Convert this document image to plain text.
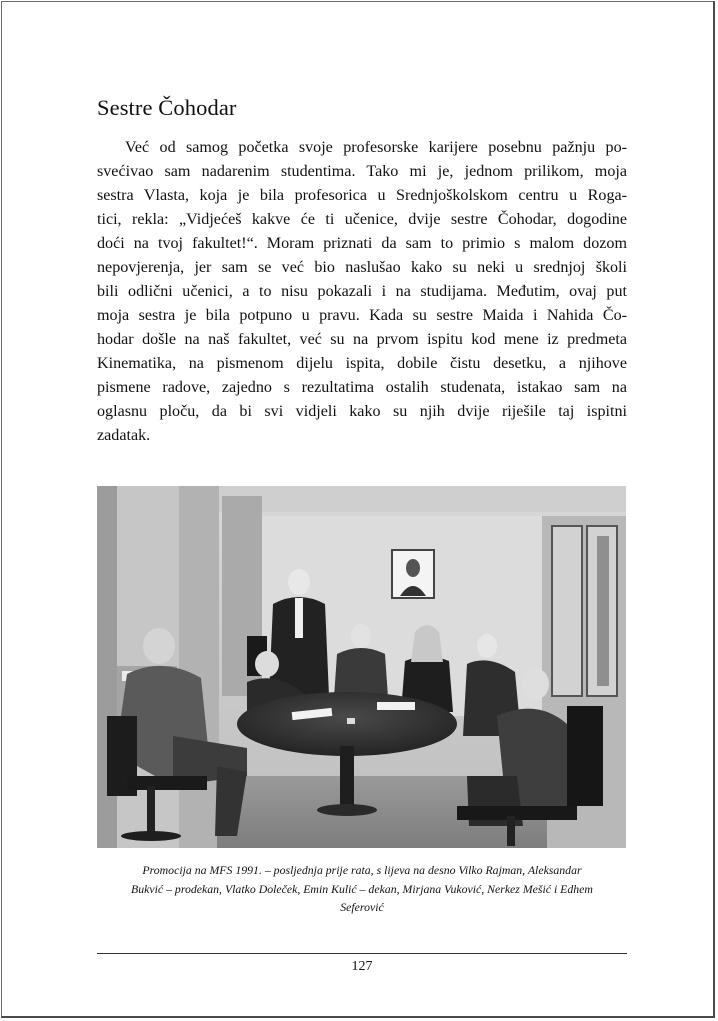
Sestre Čohodar
Već od samog početka svoje profesorske karijere posebnu pažnju po-
svećivao sam nadarenim studentima. Tako mi je, jednom prilikom, moja
sestra Vlasta, koja je bila profesorica u Srednjoškolskom centru u Roga-
tici, rekla: „Vidjećeš kakve će ti učenice, dvije sestre Čohodar, dogodine
doći na tvoj fakultet!“. Moram priznati da sam to primio s malom dozom
nepovjerenja, jer sam se već bio naslušao kako su neki u srednjoj školi
bili odlični učenici, a to nisu pokazali i na studijama. Međutim, ovaj put
moja sestra je bila potpuno u pravu. Kada su sestre Maida i Nahida Čo-
hodar došle na naš fakultet, već su na prvom ispitu kod mene iz predmeta
Kinematika, na pismenom dijelu ispita, dobile čistu desetku, a njihove
pismene radove, zajedno s rezultatima ostalih studenata, istakao sam na
oglasnu ploču, da bi svi vidjeli kako su njih dvije riješile taj ispitni
zadatak.
Promocija na MFS 1991. – posljednja prije rata, s lijeva na desno Vilko Rajman, Aleksandar
Bukvić – prodekan, Vlatko Doleček, Emin Kulić – dekan, Mirjana Vuković, Nerkez Mešić i Edhem
Seferović
127
